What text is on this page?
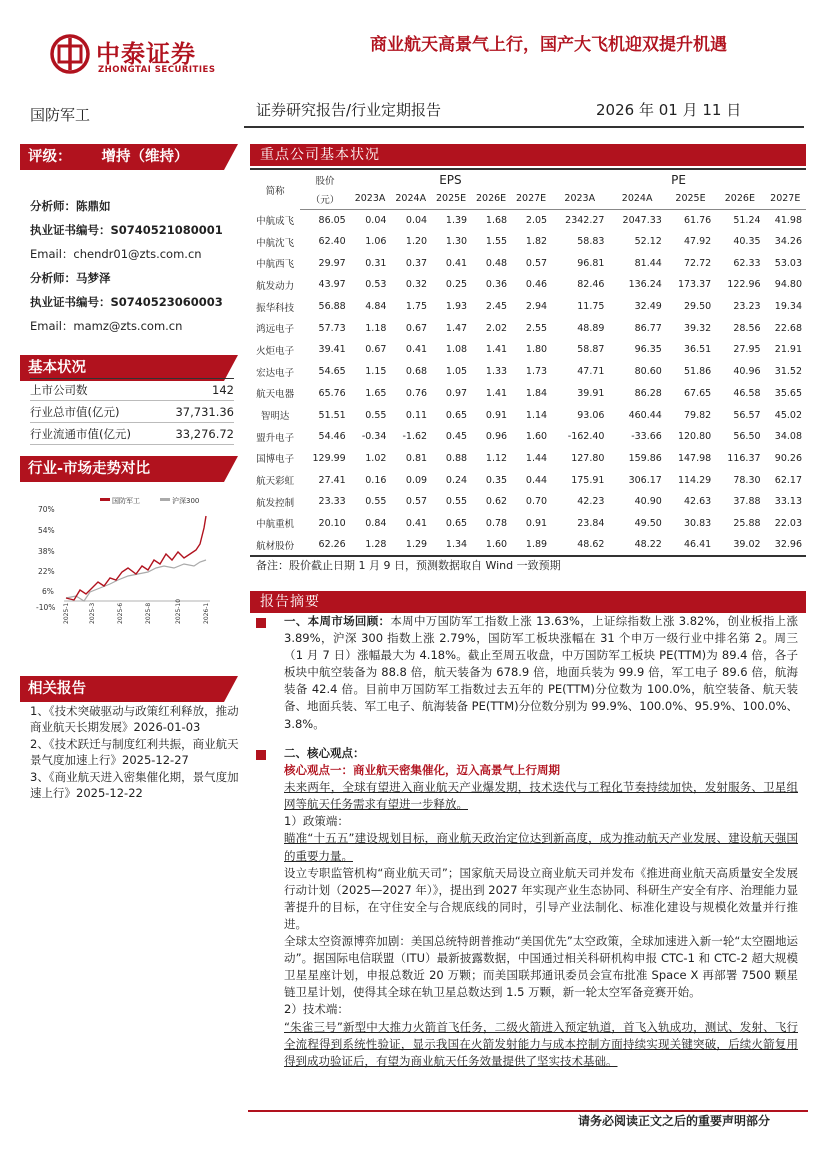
中泰证券
ZHONGTAI SECURITIES
商业航天高景气上行，国产大飞机迎双提升机遇
国防军工	证券研究报告/行业定期报告	2026 年 01 月 11 日
评级： 增持（维持）
分析师：陈鼎如
执业证书编号：S0740521080001
Email：chendr01@zts.com.cn
分析师：马梦泽
执业证书编号：S0740523060003
Email：mamz@zts.com.cn
基本状况
上市公司数	142
行业总市值(亿元)	37,731.36
行业流通市值(亿元)	33,276.72
行业-市场走势对比
70%
54%
38%
22%
6%
-10%
国防军工	沪深300
2025-1	2025-3	2025-6	2025-8	2025-10	2026-1
相关报告
1、《技术突破驱动与政策红利释放，推动商业航天长期发展》2026-01-03
2、《技术跃迁与制度红利共振，商业航天景气度加速上行》2025-12-27
3、《商业航天进入密集催化期，景气度加速上行》2025-12-22
重点公司基本状况
简称	股价	EPS					PE				
	（元）	2023A	2024A	2025E	2026E	2027E	2023A	2024A	2025E	2026E	2027E
中航成飞	86.05	0.04	0.04	1.39	1.68	2.05	2342.27	2047.33	61.76	51.24	41.98
中航沈飞	62.40	1.06	1.20	1.30	1.55	1.82	58.83	52.12	47.92	40.35	34.26
中航西飞	29.97	0.31	0.37	0.41	0.48	0.57	96.81	81.44	72.72	62.33	53.03
航发动力	43.97	0.53	0.32	0.25	0.36	0.46	82.46	136.24	173.37	122.96	94.80
振华科技	56.88	4.84	1.75	1.93	2.45	2.94	11.75	32.49	29.50	23.23	19.34
鸿远电子	57.73	1.18	0.67	1.47	2.02	2.55	48.89	86.77	39.32	28.56	22.68
火炬电子	39.41	0.67	0.41	1.08	1.41	1.80	58.87	96.35	36.51	27.95	21.91
宏达电子	54.65	1.15	0.68	1.05	1.33	1.73	47.71	80.60	51.86	40.96	31.52
航天电器	65.76	1.65	0.76	0.97	1.41	1.84	39.91	86.28	67.65	46.58	35.65
智明达	51.51	0.55	0.11	0.65	0.91	1.14	93.06	460.44	79.82	56.57	45.02
盟升电子	54.46	-0.34	-1.62	0.45	0.96	1.60	-162.40	-33.66	120.80	56.50	34.08
国博电子	129.99	1.02	0.81	0.88	1.12	1.44	127.80	159.86	147.98	116.37	90.26
航天彩虹	27.41	0.16	0.09	0.24	0.35	0.44	175.91	306.17	114.29	78.30	62.17
航发控制	23.33	0.55	0.57	0.55	0.62	0.70	42.23	40.90	42.63	37.88	33.13
中航重机	20.10	0.84	0.41	0.65	0.78	0.91	23.84	49.50	30.83	25.88	22.03
航材股份	62.26	1.28	1.29	1.34	1.60	1.89	48.62	48.22	46.41	39.02	32.96
备注：股价截止日期 1 月 9 日，预测数据取自 Wind 一致预期
报告摘要
一、本周市场回顾：本周中万国防军工指数上涨 13.63%，上证综指数上涨 3.82%，创业板指上涨 3.89%，沪深 300 指数上涨 2.79%，国防军工板块涨幅在 31 个申万一级行业中排名第 2。周三（1 月 7 日）涨幅最大为 4.18%。截止至周五收盘，中万国防军工板块 PE(TTM)为 89.4 倍，各子板块中航空装备为 88.8 倍，航天装备为 678.9 倍，地面兵装为 99.9 倍，军工电子 89.6 倍，航海装备 42.4 倍。目前申万国防军工指数过去五年的 PE(TTM)分位数为 100.0%，航空装备、航天装备、地面兵装、军工电子、航海装备 PE(TTM)分位数分别为 99.9%、100.0%、95.9%、100.0%、3.8%。
二、核心观点：
核心观点一：商业航天密集催化，迈入高景气上行周期
未来两年，全球有望进入商业航天产业爆发期，技术迭代与工程化节奏持续加快，发射服务、卫星组网等航天任务需求有望进一步释放。
1）政策端：
瞄准“十五五”建设规划目标，商业航天政治定位达到新高度，成为推动航天产业发展、建设航天强国的重要力量。
设立专职监管机构“商业航天司”；国家航天局设立商业航天司并发布《推进商业航天高质量安全发展行动计划（2025—2027 年）》，提出到 2027 年实现产业生态协同、科研生产安全有序、治理能力显著提升的目标，在守住安全与合规底线的同时，引导产业法制化、标准化建设与规模化效量并行推进。
全球太空资源博弈加剧：美国总统特朗普推动“美国优先”太空政策，全球加速进入新一轮“太空圈地运动”。据国际电信联盟（ITU）最新披露数据，中国通过相关科研机构申报 CTC-1 和 CTC-2 超大规模卫星星座计划，申报总数近 20 万颗；而美国联邦通讯委员会宣布批准 Space X 再部署 7500 颗星链卫星计划，使得其全球在轨卫星总数达到 1.5 万颗，新一轮太空军备竞赛开始。
2）技术端：
“朱雀三号”新型中大推力火箭首飞任务，二级火箭进入预定轨道，首飞入轨成功，测试、发射、飞行全流程得到系统性验证，显示我国在火箭发射能力与成本控制方面持续实现关键突破，后续火箭复用得到成功验证后，有望为商业航天任务效量提供了坚实技术基础。
请务必阅读正文之后的重要声明部分
